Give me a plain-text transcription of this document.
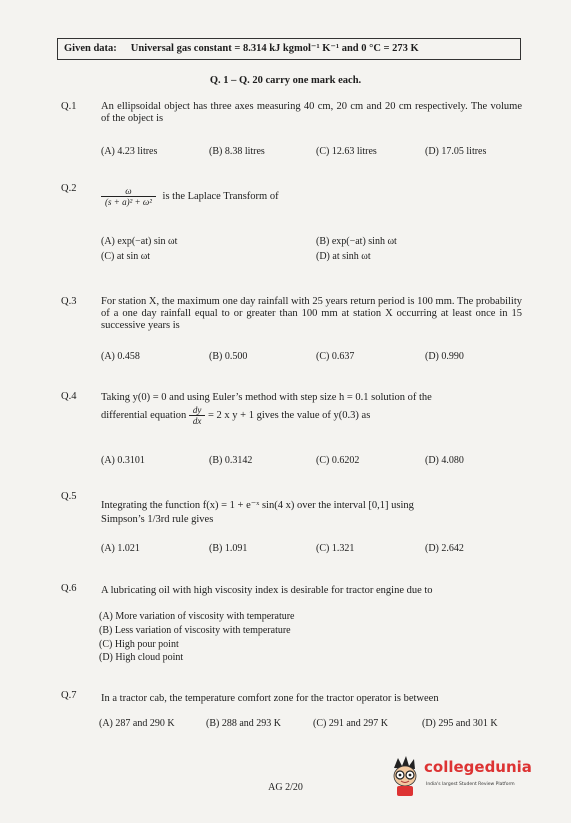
Given data: Universal gas constant = 8.314 kJ kgmol⁻¹ K⁻¹ and 0 °C = 273 K
Q. 1 – Q. 20 carry one mark each.
Q.1 An ellipsoidal object has three axes measuring 40 cm, 20 cm and 20 cm respectively. The volume of the object is
(A) 4.23 litres	(B) 8.38 litres	(C) 12.63 litres	(D) 17.05 litres
Q.2	$\frac{\omega}{\text{(s + a)² + ω²}}$ is the Laplace Transform of
(A) exp(−at) sin ωt	(B) exp(−at) sinh ωt
(C) at sin ωt	(D) at sinh ωt
Q.3 For station X, the maximum one day rainfall with 25 years return period is 100 mm. The probability of a one day rainfall equal to or greater than 100 mm at station X occurring at least once in 15 successive years is
(A) 0.458	(B) 0.500	(C) 0.637	(D) 0.990
Q.4 Taking y(0) = 0 and using Euler’s method with step size h = 0.1 solution of the
differential equation $\frac{dy}{dx} = 2$ x y + 1 gives the value of y(0.3) as
(A) 0.3101	(B) 0.3142	(C) 0.6202	(D) 4.080
Q.5
Integrating the function f(x) = 1 + e⁻ˣ sin(4 x) over the interval [0,1] using
Simpson’s 1/3rd rule gives
(A) 1.021	(B) 1.091	(C) 1.321	(D) 2.642
Q.6 A lubricating oil with high viscosity index is desirable for tractor engine due to
(A) More variation of viscosity with temperature
(B) Less variation of viscosity with temperature
(C) High pour point
(D) High cloud point
Q.7 In a tractor cab, the temperature comfort zone for the tractor operator is between
(A) 287 and 290 K	(B) 288 and 293 K	(C) 291 and 297 K	(D) 295 and 301 K
AG 2/20
collegedunia
India's largest Student Review Platform
